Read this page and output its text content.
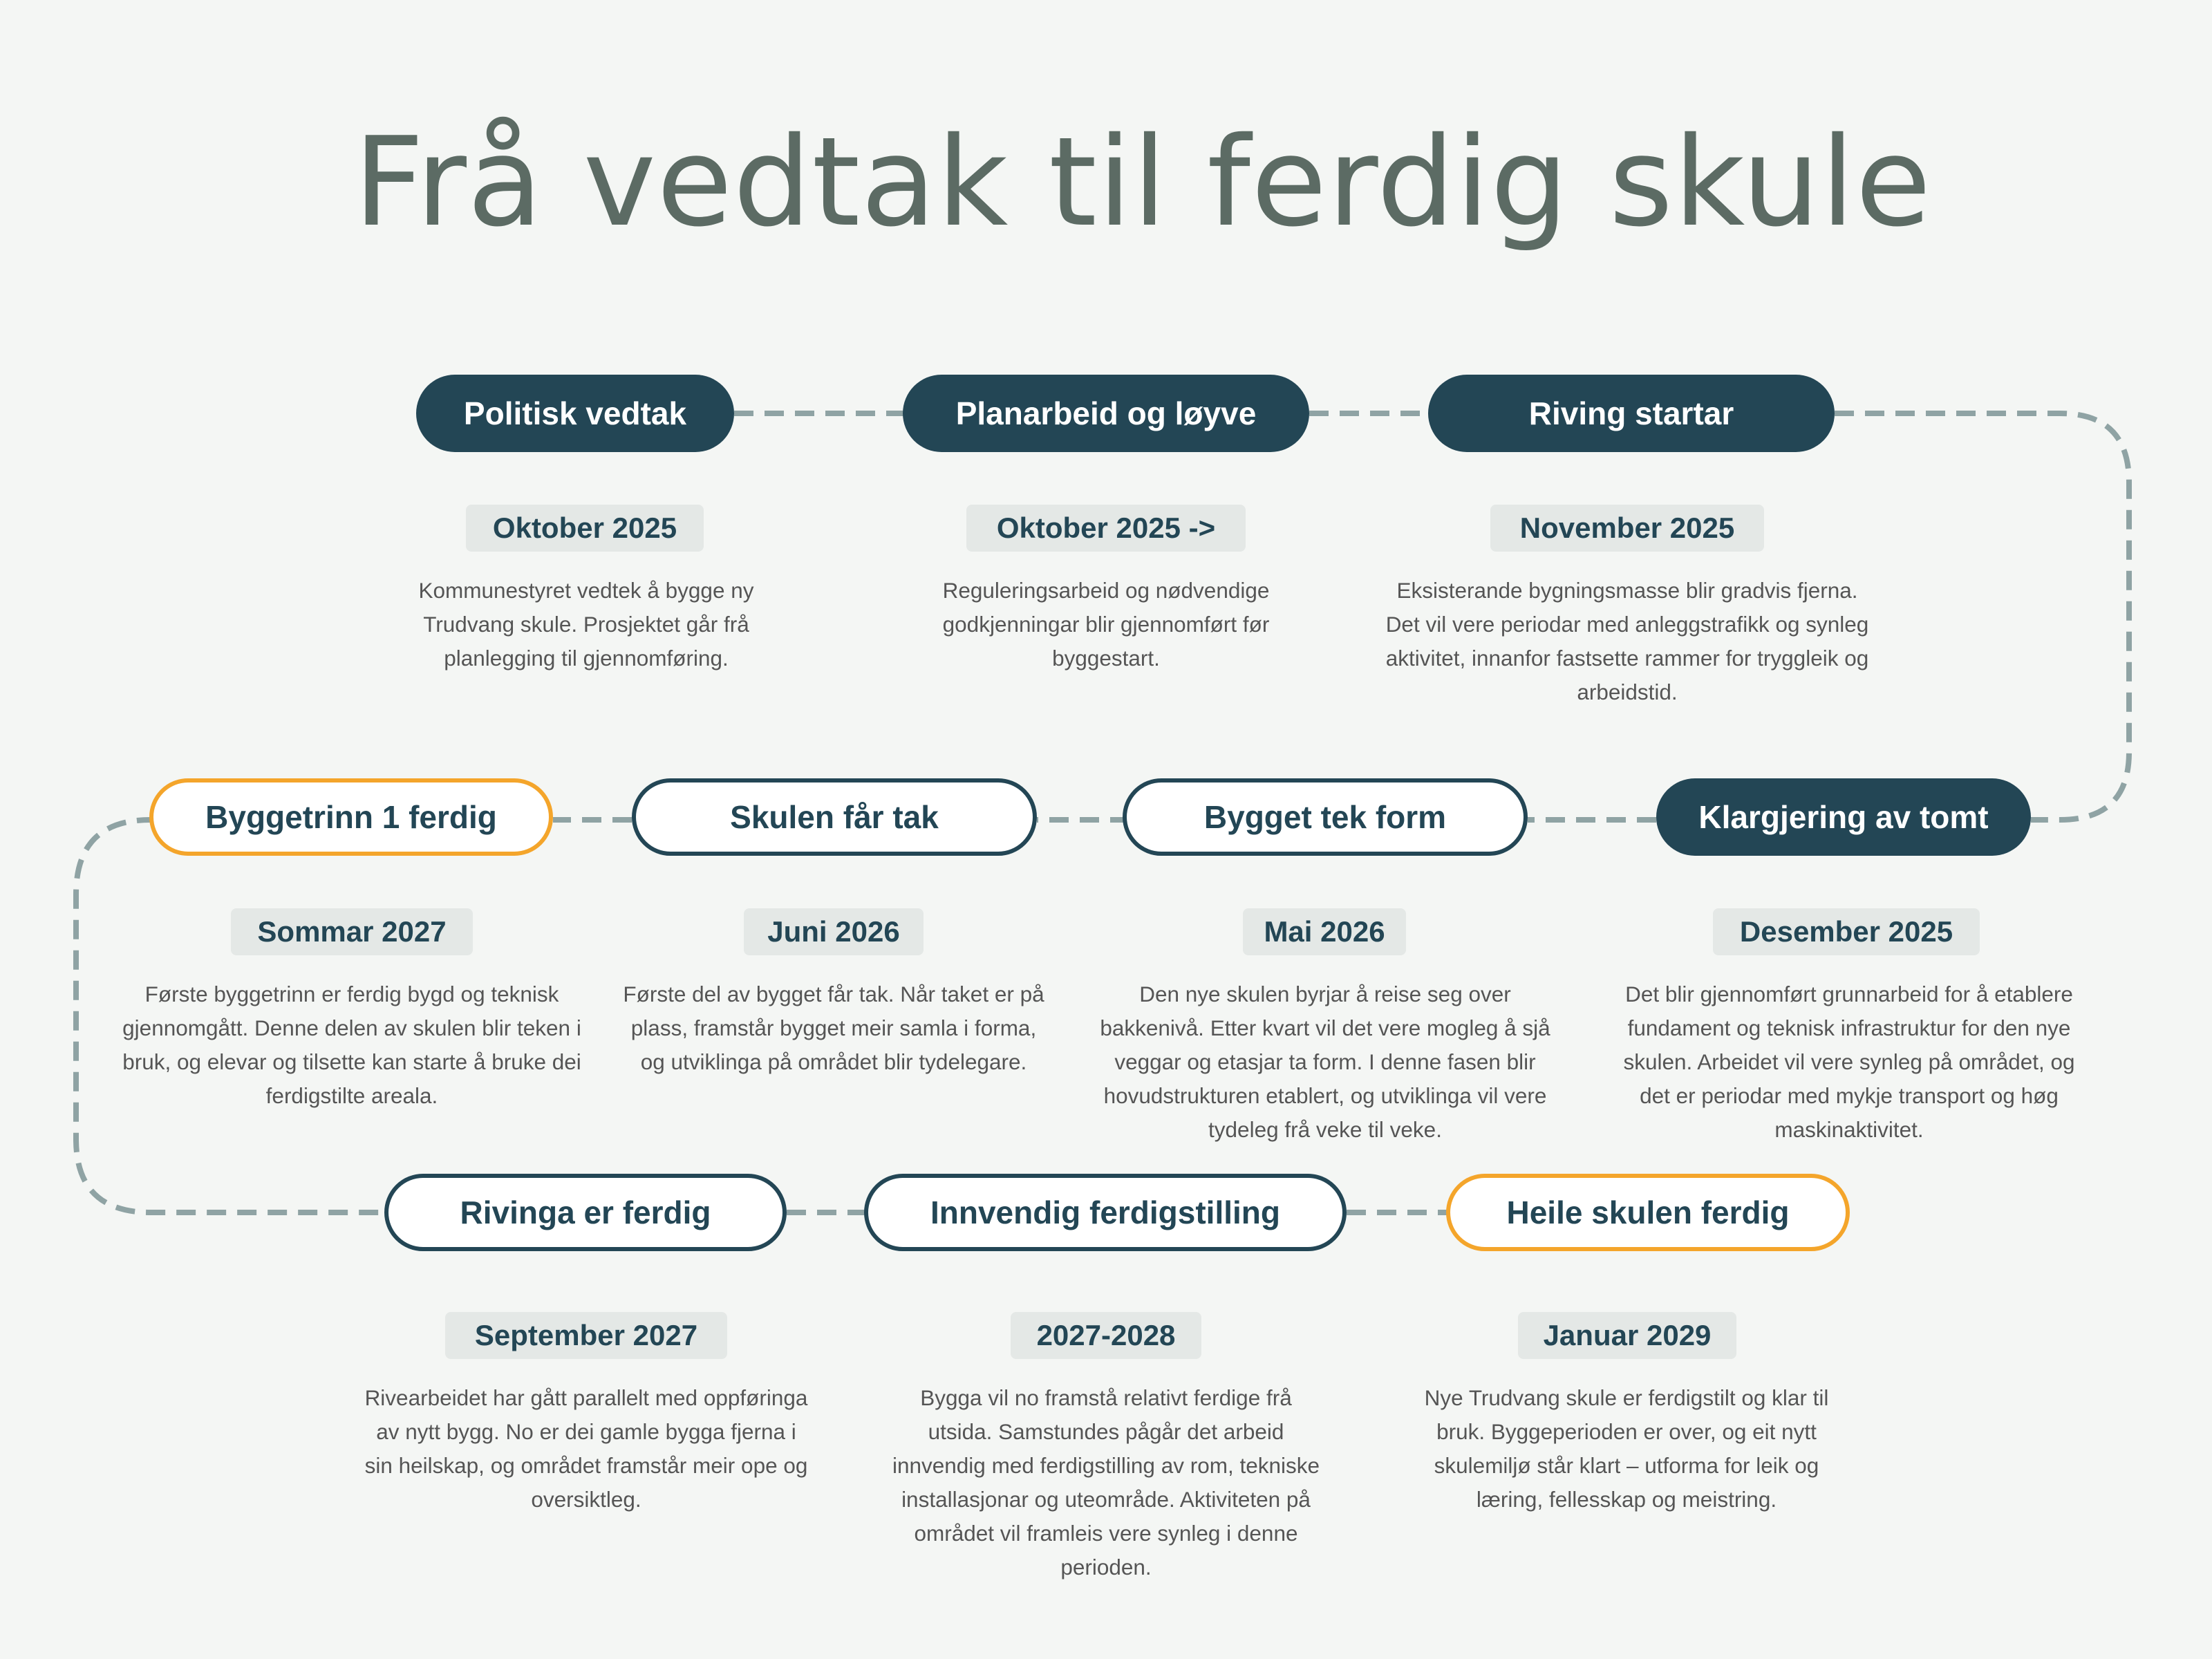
Frå vedtak til ferdig skule
Politisk vedtak
Oktober 2025

Kommunestyret vedtek å bygge ny Trudvang skule. Prosjektet går frå planlegging til gjennomføring.

Planarbeid og løyve
Oktober 2025 ->

Reguleringsarbeid og nødvendige godkjenningar blir gjennomført før byggestart.

Riving startar
November 2025

Eksisterande bygningsmasse blir gradvis fjerna. Det vil vere periodar med anleggstrafikk og synleg aktivitet, innanfor fastsette rammer for tryggleik og arbeidstid.

Klargjering av tomt
Desember 2025

Det blir gjennomført grunnarbeid for å etablere fundament og teknisk infrastruktur for den nye skulen. Arbeidet vil vere synleg på området, og det er periodar med mykje transport og høg maskinaktivitet.

Bygget tek form
Mai 2026

Den nye skulen byrjar å reise seg over bakkenivå. Etter kvart vil det vere mogleg å sjå veggar og etasjar ta form. I denne fasen blir hovudstrukturen etablert, og utviklinga vil vere tydeleg frå veke til veke.

Skulen får tak
Juni 2026

Første del av bygget får tak. Når taket er på plass, framstår bygget meir samla i forma, og utviklinga på området blir tydelegare.

Byggetrinn 1 ferdig
Sommar 2027

Første byggetrinn er ferdig bygd og teknisk gjennomgått. Denne delen av skulen blir teken i bruk, og elevar og tilsette kan starte å bruke dei ferdigstilte areala.

Rivinga er ferdig
September 2027

Rivearbeidet har gått parallelt med oppføringa av nytt bygg. No er dei gamle bygga fjerna i sin heilskap, og området framstår meir ope og oversiktleg.

Innvendig ferdigstilling
2027-2028

Bygga vil no framstå relativt ferdige frå utsida. Samstundes pågår det arbeid innvendig med ferdigstilling av rom, tekniske installasjonar og uteområde. Aktiviteten på området vil framleis vere synleg i denne perioden.

Heile skulen ferdig
Januar 2029

Nye Trudvang skule er ferdigstilt og klar til bruk. Byggeperioden er over, og eit nytt skulemiljø står klart – utforma for leik og læring, fellesskap og meistring.
